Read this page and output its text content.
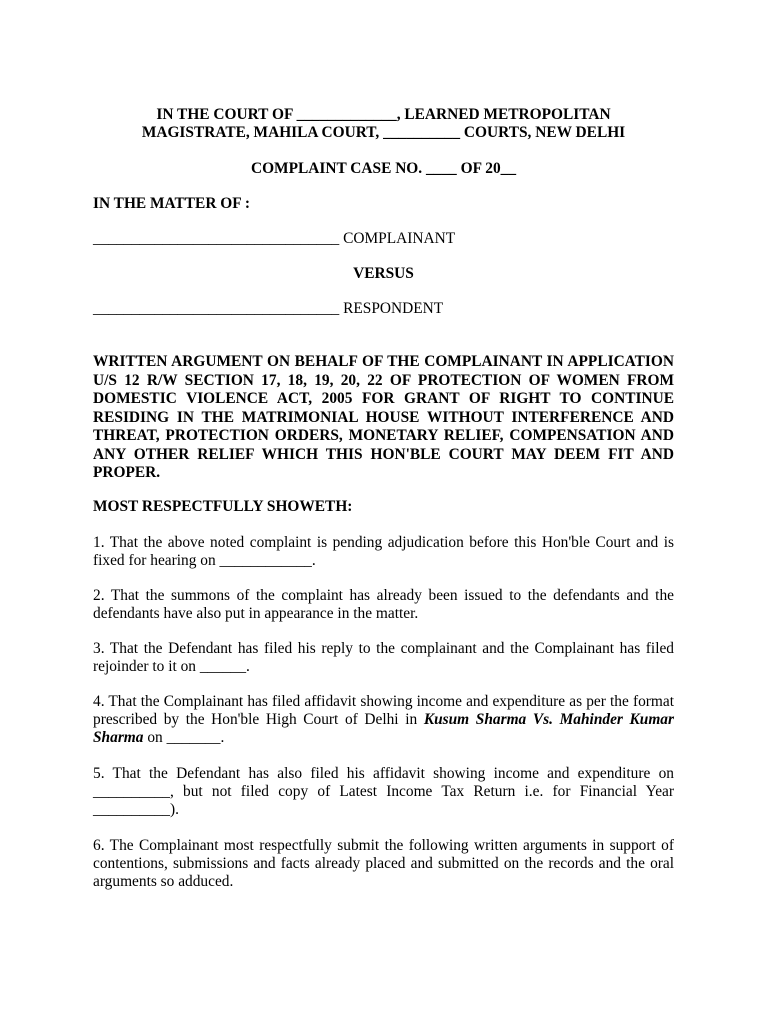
IN THE COURT OF _____________, LEARNED METROPOLITAN
MAGISTRATE, MAHILA COURT, __________ COURTS, NEW DELHI
COMPLAINT CASE NO. ____ OF 20__
IN THE MATTER OF :
________________________________ COMPLAINANT
VERSUS
________________________________ RESPONDENT
WRITTEN ARGUMENT ON BEHALF OF THE COMPLAINANT IN APPLICATION U/S 12 R/W SECTION 17, 18, 19, 20, 22 OF PROTECTION OF WOMEN FROM DOMESTIC VIOLENCE ACT, 2005 FOR GRANT OF RIGHT TO CONTINUE RESIDING IN THE MATRIMONIAL HOUSE WITHOUT INTERFERENCE AND THREAT, PROTECTION ORDERS, MONETARY RELIEF, COMPENSATION AND ANY OTHER RELIEF WHICH THIS HON'BLE COURT MAY DEEM FIT AND PROPER.
MOST RESPECTFULLY SHOWETH:
1. That the above noted complaint is pending adjudication before this Hon'ble Court and is fixed for hearing on ____________.
2. That the summons of the complaint has already been issued to the defendants and the defendants have also put in appearance in the matter.
3. That the Defendant has filed his reply to the complainant and the Complainant has filed rejoinder to it on ______.
4. That the Complainant has filed affidavit showing income and expenditure as per the format prescribed by the Hon'ble High Court of Delhi in Kusum Sharma Vs. Mahinder Kumar Sharma on _______.
5. That the Defendant has also filed his affidavit showing income and expenditure on __________, but not filed copy of Latest Income Tax Return i.e. for Financial Year __________).
6. The Complainant most respectfully submit the following written arguments in support of contentions, submissions and facts already placed and submitted on the records and the oral arguments so adduced.
